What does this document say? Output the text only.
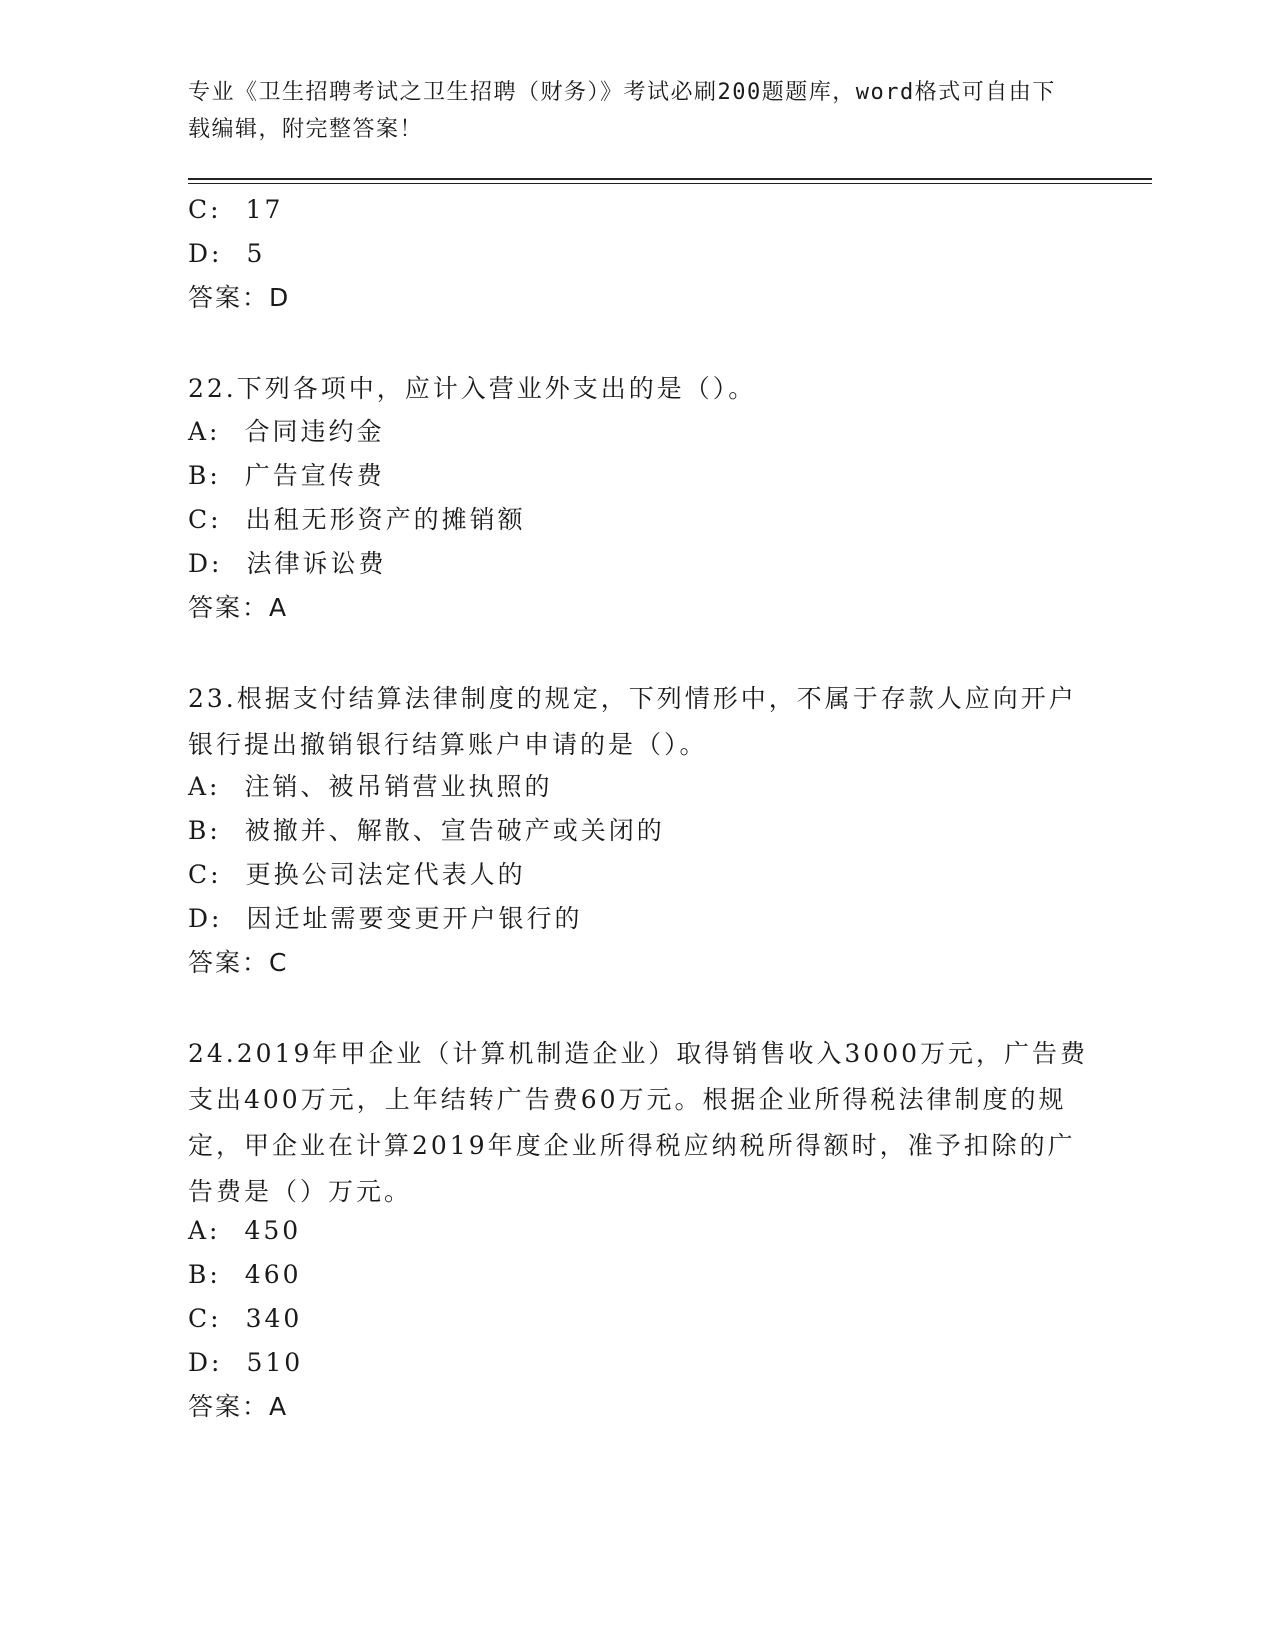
专业《卫生招聘考试之卫生招聘（财务）》考试必刷200题题库，word格式可自由下载编辑，附完整答案！
C: 17
D: 5
答案：D
22.下列各项中，应计入营业外支出的是（）。
A: 合同违约金
B: 广告宣传费
C: 出租无形资产的摊销额
D: 法律诉讼费
答案：A
23.根据支付结算法律制度的规定，下列情形中，不属于存款人应向开户银行提出撤销银行结算账户申请的是（）。
A: 注销、被吊销营业执照的
B: 被撤并、解散、宣告破产或关闭的
C: 更换公司法定代表人的
D: 因迁址需要变更开户银行的
答案：C
24.2019年甲企业（计算机制造企业）取得销售收入3000万元，广告费支出400万元，上年结转广告费60万元。根据企业所得税法律制度的规定，甲企业在计算2019年度企业所得税应纳税所得额时，准予扣除的广告费是（）万元。
A: 450
B: 460
C: 340
D: 510
答案：A
